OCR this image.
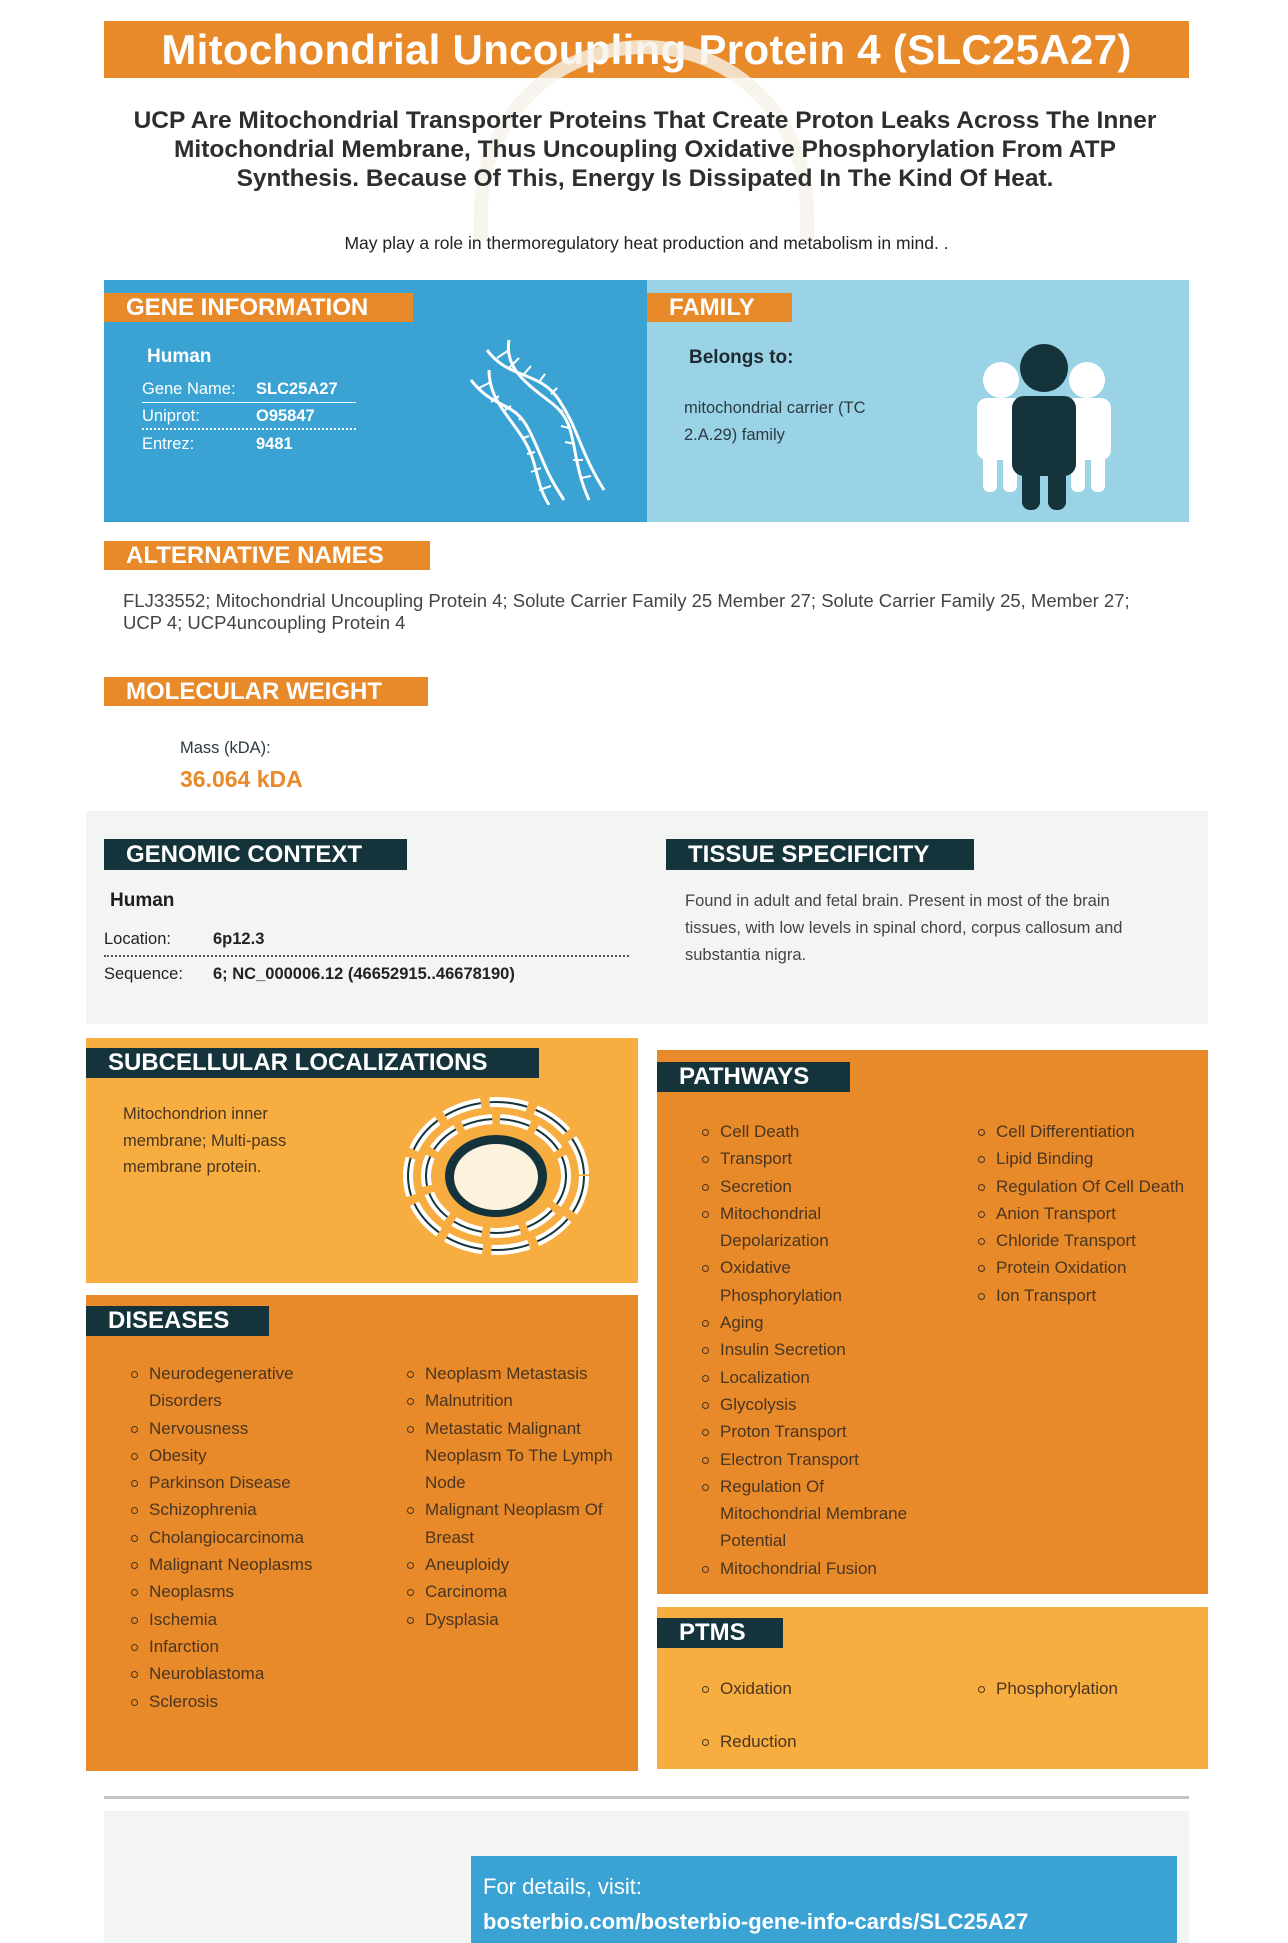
Mitochondrial Uncoupling Protein 4 (SLC25A27)
UCP Are Mitochondrial Transporter Proteins That Create Proton Leaks Across The Inner Mitochondrial Membrane, Thus Uncoupling Oxidative Phosphorylation From ATP Synthesis. Because Of This, Energy Is Dissipated In The Kind Of Heat.
May play a role in thermoregulatory heat production and metabolism in mind. .
GENE INFORMATION
Human
Gene Name: SLC25A27
Uniprot:	O95847
Entrez:	9481
FAMILY
Belongs to:
mitochondrial carrier (TC 2.A.29) family
ALTERNATIVE NAMES
FLJ33552; Mitochondrial Uncoupling Protein 4; Solute Carrier Family 25 Member 27; Solute Carrier Family 25, Member 27; UCP 4; UCP4uncoupling Protein 4
MOLECULAR WEIGHT
Mass (kDA):
36.064 kDA
GENOMIC CONTEXT
Human
Location:	6p12.3
Sequence: 6; NC_000006.12 (46652915..46678190)
TISSUE SPECIFICITY
Found in adult and fetal brain. Present in most of the brain tissues, with low levels in spinal chord, corpus callosum and substantia nigra.
SUBCELLULAR LOCALIZATIONS
Mitochondrion inner membrane; Multi-pass membrane protein.
DISEASES
Neurodegenerative Disorders
Nervousness
Obesity
Parkinson Disease
Schizophrenia
Cholangiocarcinoma
Malignant Neoplasms
Neoplasms
Ischemia
Infarction
Neuroblastoma
Sclerosis
Neoplasm Metastasis
Malnutrition
Metastatic Malignant Neoplasm To The Lymph Node
Malignant Neoplasm Of Breast
Aneuploidy
Carcinoma
Dysplasia
PATHWAYS
Cell Death
Transport
Secretion
Mitochondrial Depolarization
Oxidative Phosphorylation
Aging
Insulin Secretion
Localization
Glycolysis
Proton Transport
Electron Transport
Regulation Of Mitochondrial Membrane Potential
Mitochondrial Fusion
Cell Differentiation
Lipid Binding
Regulation Of Cell Death
Anion Transport
Chloride Transport
Protein Oxidation
Ion Transport
PTMS
Oxidation
Reduction
Phosphorylation
For details, visit:
bosterbio.com/bosterbio-gene-info-cards/SLC25A27
